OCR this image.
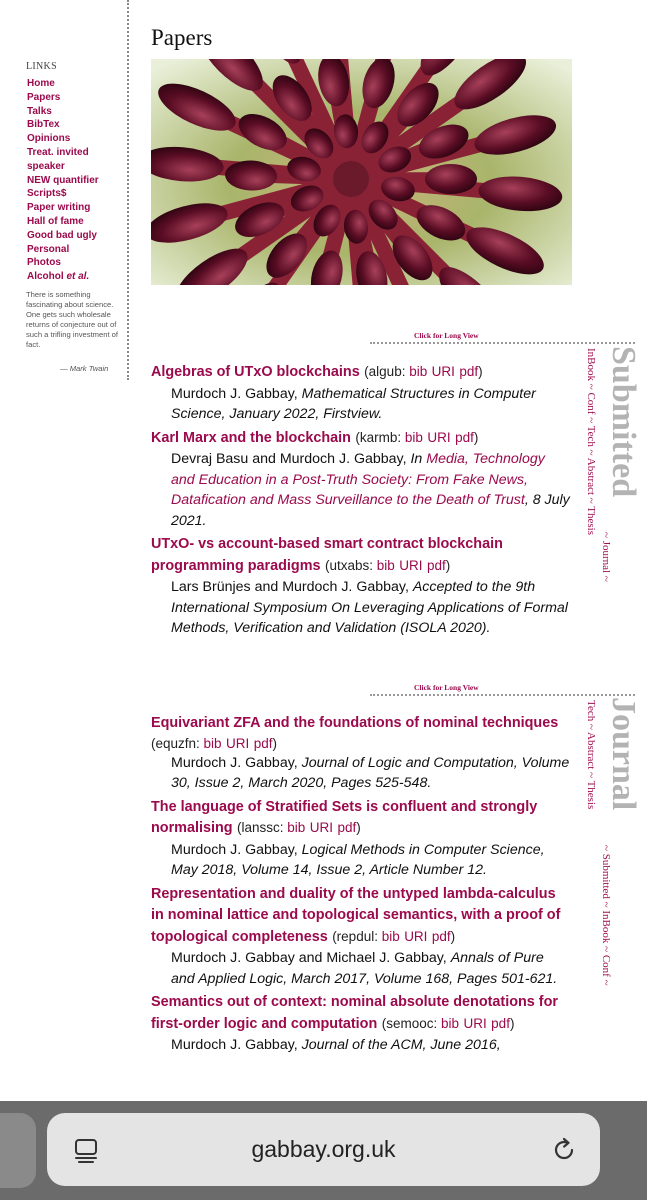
LINKS
Home
Papers
Talks
BibTex
Opinions
Treat. invited
speaker
NEW quantifier
Scripts$
Paper writing
Hall of fame
Good bad ugly
Personal
Photos
Alcohol et al.
There is something fascinating about science. One gets such wholesale returns of conjecture out of such a trifling investment of fact.
— Mark Twain
Papers
Click for Long View
Submitted
InBook ~ Conf ~ Tech ~ Abstract ~ Thesis
~ Journal ~
Algebras of UTxO blockchains (algub: bib URI pdf)
Murdoch J. Gabbay, Mathematical Structures in Computer Science, January 2022, Firstview.
Karl Marx and the blockchain (karmb: bib URI pdf)
Devraj Basu and Murdoch J. Gabbay, In Media, Technology and Education in a Post-Truth Society: From Fake News, Datafication and Mass Surveillance to the Death of Trust, 8 July 2021.
UTxO- vs account-based smart contract blockchain programming paradigms (utxabs: bib URI pdf)
Lars Brünjes and Murdoch J. Gabbay, Accepted to the 9th International Symposium On Leveraging Applications of Formal Methods, Verification and Validation (ISOLA 2020).
Click for Long View
Journal
Tech ~ Abstract ~ Thesis
~ Submitted ~ InBook ~ Conf ~
Equivariant ZFA and the foundations of nominal techniques (equzfn: bib URI pdf)
Murdoch J. Gabbay, Journal of Logic and Computation, Volume 30, Issue 2, March 2020, Pages 525-548.
The language of Stratified Sets is confluent and strongly normalising (lanssc: bib URI pdf)
Murdoch J. Gabbay, Logical Methods in Computer Science, May 2018, Volume 14, Issue 2, Article Number 12.
Representation and duality of the untyped lambda-calculus in nominal lattice and topological semantics, with a proof of topological completeness (repdul: bib URI pdf)
Murdoch J. Gabbay and Michael J. Gabbay, Annals of Pure and Applied Logic, March 2017, Volume 168, Pages 501-621.
Semantics out of context: nominal absolute denotations for first-order logic and computation (semooc: bib URI pdf)
Murdoch J. Gabbay, Journal of the ACM, June 2016,
gabbay.org.uk
